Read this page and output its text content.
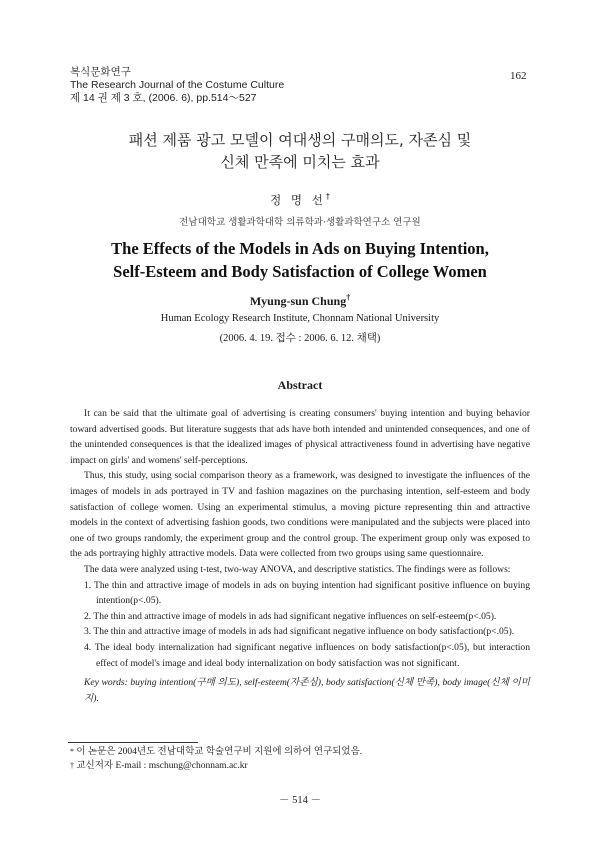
복식문화연구
The Research Journal of the Costume Culture
제 14 권 제 3 호, (2006. 6), pp.514～527
162
패션 제품 광고 모델이 여대생의 구매의도, 자존심 및
신체 만족에 미치는 효과
정 명 선†
전남대학교 생활과학대학 의류학과·생활과학연구소 연구원
The Effects of the Models in Ads on Buying Intention,
Self-Esteem and Body Satisfaction of College Women
Myung-sun Chung†
Human Ecology Research Institute, Chonnam National University
(2006. 4. 19. 접수 : 2006. 6. 12. 채택)
Abstract

It can be said that the ultimate goal of advertising is creating consumers' buying intention and buying behavior toward advertised goods. But literature suggests that ads have both intended and unintended consequences, and one of the unintended consequences is that the idealized images of physical attractiveness found in advertising have negative impact on girls' and womens' self-perceptions.

Thus, this study, using social comparison theory as a framework, was designed to investigate the influences of the images of models in ads portrayed in TV and fashion magazines on the purchasing intention, self-esteem and body satisfaction of college women. Using an experimental stimulus, a moving picture representing thin and attractive models in the context of advertising fashion goods, two conditions were manipulated and the subjects were placed into one of two groups randomly, the experiment group and the control group. The experiment group only was exposed to the ads portraying highly attractive models. Data were collected from two groups using same questionnaire.

The data were analyzed using t-test, two-way ANOVA, and descriptive statistics. The findings were as follows:

1. The thin and attractive image of models in ads on buying intention had significant positive influence on buying intention(p<.05).
2. The thin and attractive image of models in ads had significant negative influences on self-esteem(p<.05).
3. The thin and attractive image of models in ads had significant negative influence on body satisfaction(p<.05).
4. The ideal body internalization had significant negative influences on body satisfaction(p<.05), but interaction effect of model's image and ideal body internalization on body satisfaction was not significant.

Key words: buying intention(구매 의도), self-esteem(자존심), body satisfaction(신체 만족), body image(신체 이미지).

* 이 논문은 2004년도 전남대학교 학술연구비 지원에 의하여 연구되었음.
† 교신저자 E-mail : mschung@chonnam.ac.kr
－ 514 －
